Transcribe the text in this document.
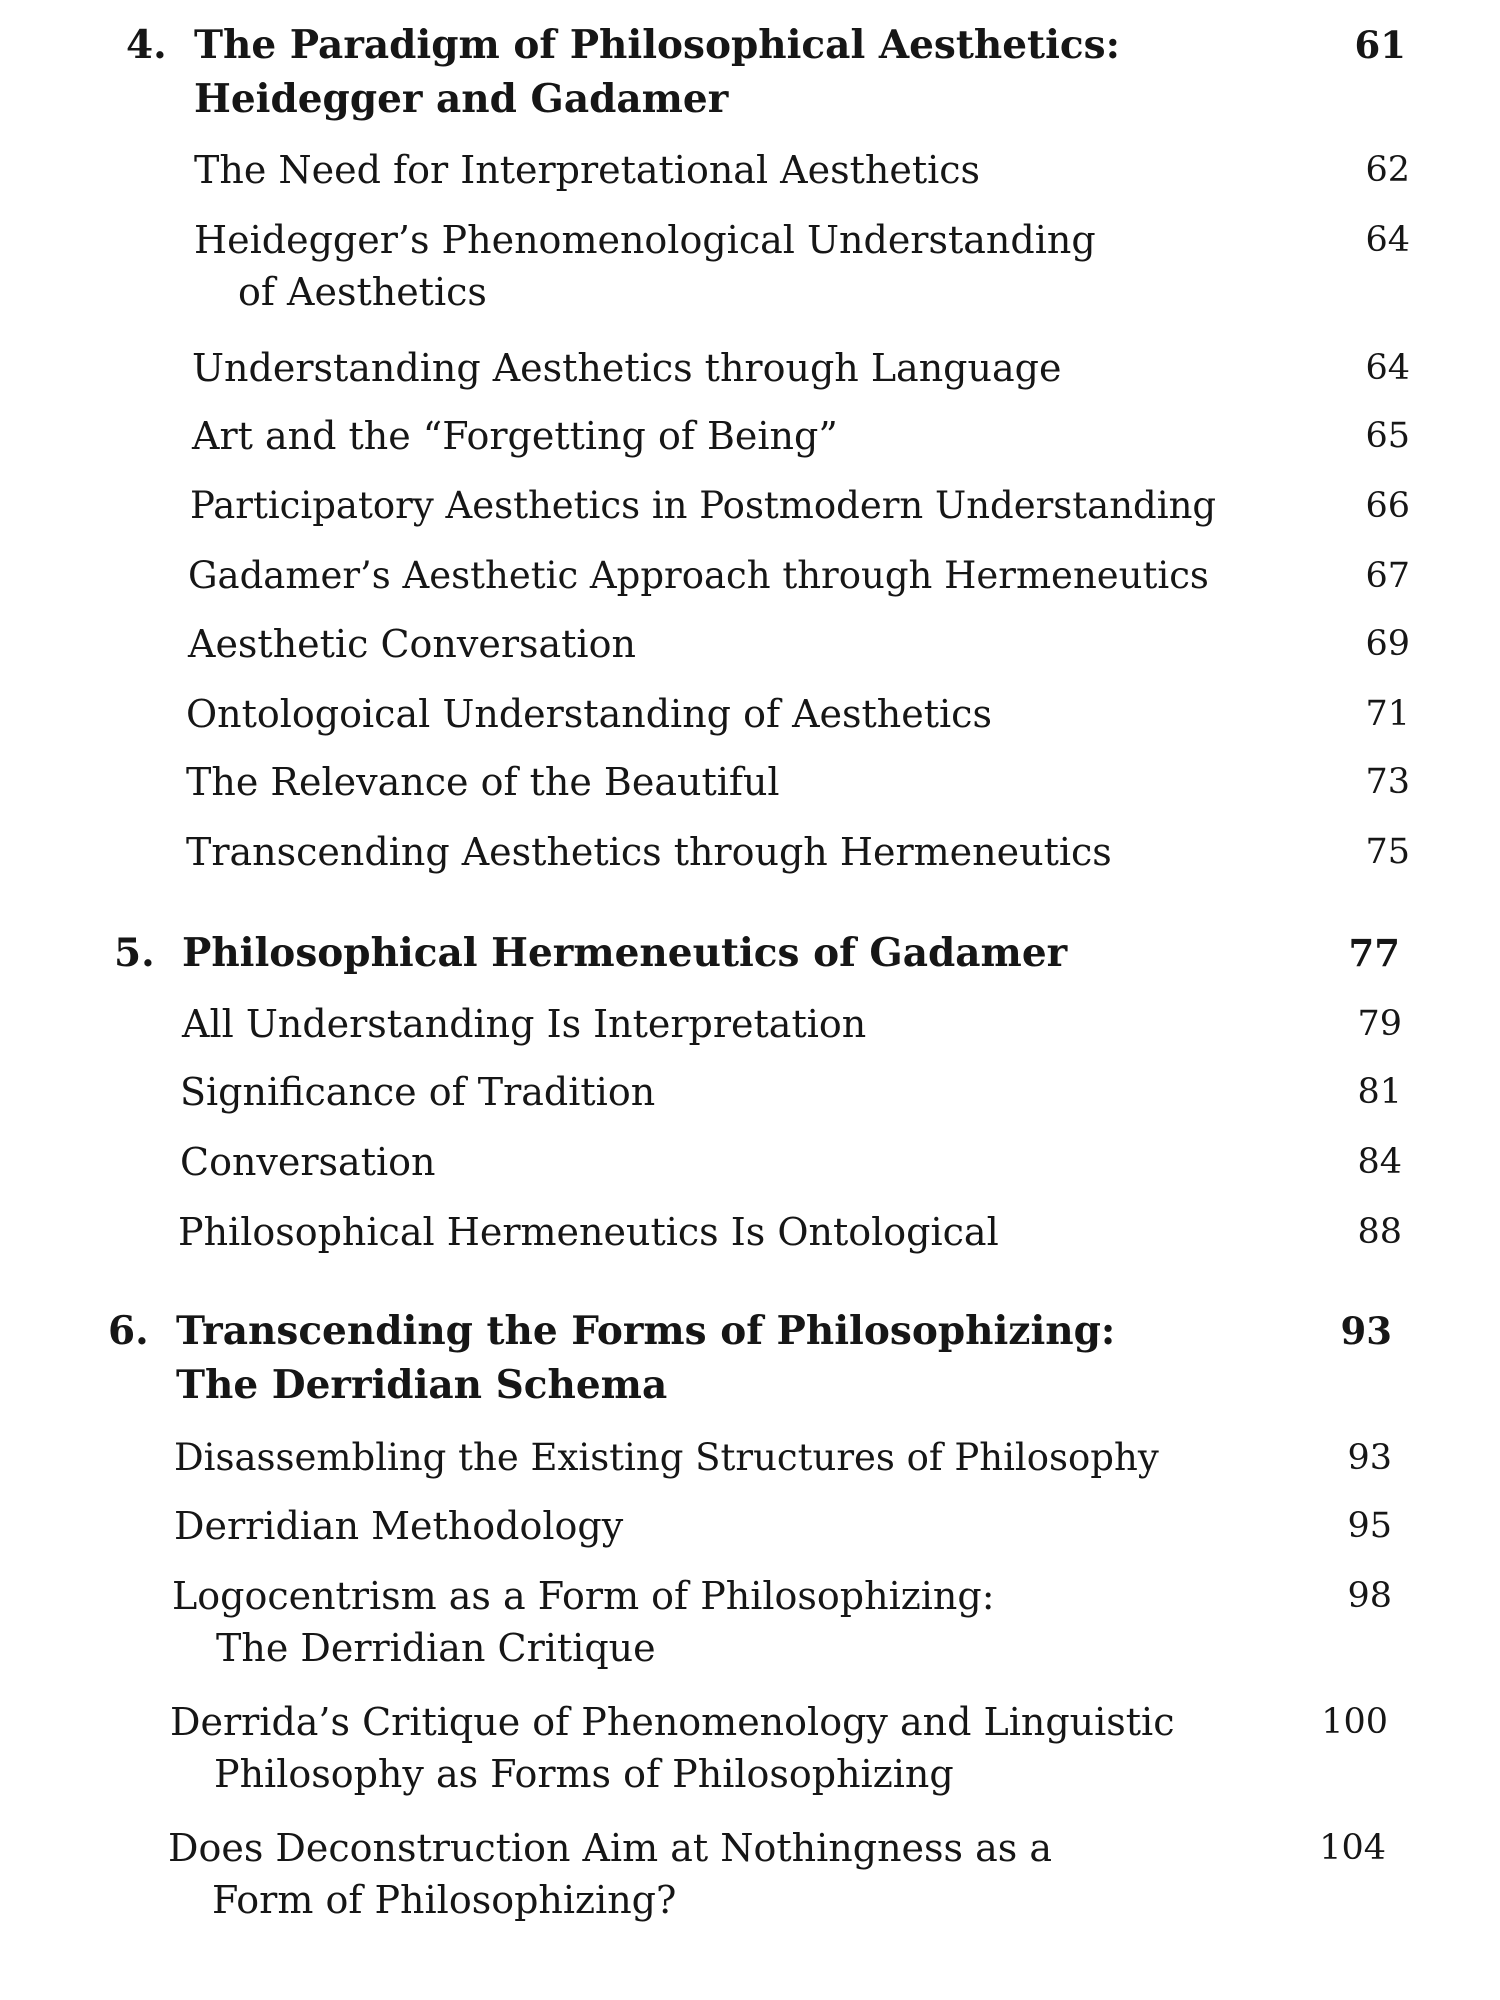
4. The Paradigm of Philosophical Aesthetics:
Heidegger and Gadamer
61
The Need for Interpretational Aesthetics	62
Heidegger’s Phenomenological Understanding
of Aesthetics
64
Understanding Aesthetics through Language	64
Art and the “Forgetting of Being”	65
Participatory Aesthetics in Postmodern Understanding	66
Gadamer’s Aesthetic Approach through Hermeneutics	67
Aesthetic Conversation	69
Ontologoical Understanding of Aesthetics	71
The Relevance of the Beautiful	73
Transcending Aesthetics through Hermeneutics	75
5. Philosophical Hermeneutics of Gadamer	77
All Understanding Is Interpretation	79
Significance of Tradition	81
Conversation	84
Philosophical Hermeneutics Is Ontological	88
6. Transcending the Forms of Philosophizing:
The Derridian Schema
93
Disassembling the Existing Structures of Philosophy	93
Derridian Methodology	95
Logocentrism as a Form of Philosophizing:
The Derridian Critique
98
Derrida’s Critique of Phenomenology and Linguistic
Philosophy as Forms of Philosophizing
100
Does Deconstruction Aim at Nothingness as a
Form of Philosophizing?
104
